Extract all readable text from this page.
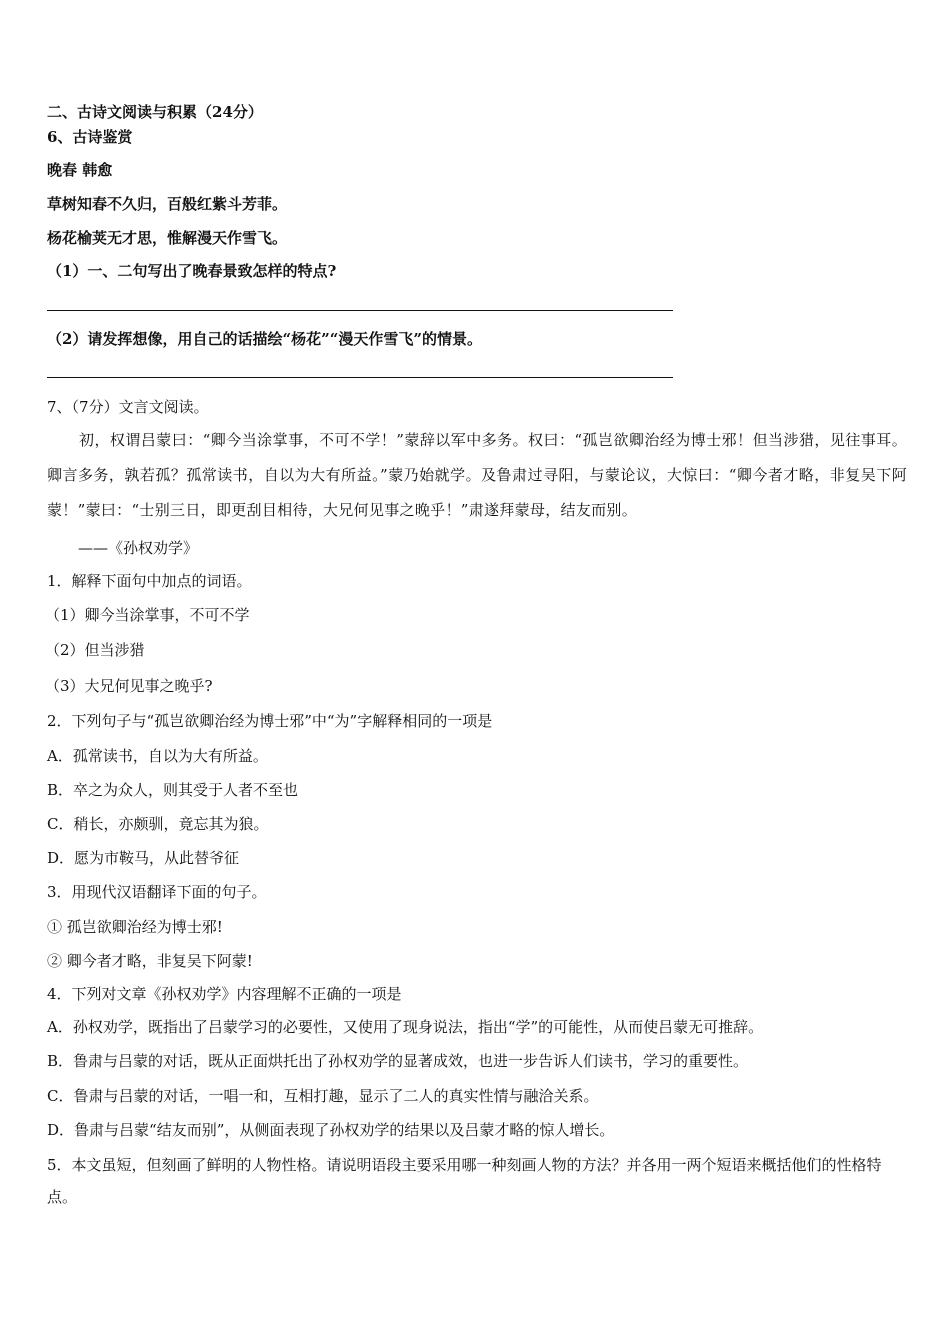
二、古诗文阅读与积累（24分）

6、古诗鉴赏

晚春 韩愈

草树知春不久归，百般红紫斗芳菲。

杨花榆荚无才思，惟解漫天作雪飞。

（1）一、二句写出了晚春景致怎样的特点?

（2）请发挥想像，用自己的话描绘“杨花”“漫天作雪飞”的情景。

7、（7分）文言文阅读。

初，权谓吕蒙曰：“卿今当涂掌事，不可不学！”蒙辞以军中多务。权曰：“孤岂欲卿治经为博士邪！但当涉猎，见往事耳。卿言多务，孰若孤？孤常读书，自以为大有所益。”蒙乃始就学。及鲁肃过寻阳，与蒙论议，大惊曰：“卿今者才略，非复吴下阿蒙！”蒙曰：“士别三日，即更刮目相待，大兄何见事之晚乎！”肃遂拜蒙母，结友而别。

——《孙权劝学》

1．解释下面句中加点的词语。

（1）卿今当涂掌事，不可不学

（2）但当涉猎

（3）大兄何见事之晚乎?

2．下列句子与“孤岂欲卿治经为博士邪”中“为”字解释相同的一项是

A．孤常读书，自以为大有所益。

B．卒之为众人，则其受于人者不至也

C．稍长，亦颇驯，竟忘其为狼。

D．愿为市鞍马，从此替爷征

3．用现代汉语翻译下面的句子。

① 孤岂欲卿治经为博士邪!

② 卿今者才略，非复吴下阿蒙!

4．下列对文章《孙权劝学》内容理解不正确的一项是

A．孙权劝学，既指出了吕蒙学习的必要性，又使用了现身说法，指出“学”的可能性，从而使吕蒙无可推辞。

B．鲁肃与吕蒙的对话，既从正面烘托出了孙权劝学的显著成效，也进一步告诉人们读书，学习的重要性。

C．鲁肃与吕蒙的对话，一唱一和，互相打趣，显示了二人的真实性情与融洽关系。

D．鲁肃与吕蒙“结友而别”，从侧面表现了孙权劝学的结果以及吕蒙才略的惊人增长。

5．本文虽短，但刻画了鲜明的人物性格。请说明语段主要采用哪一种刻画人物的方法？并各用一两个短语来概括他们的性格特点。
